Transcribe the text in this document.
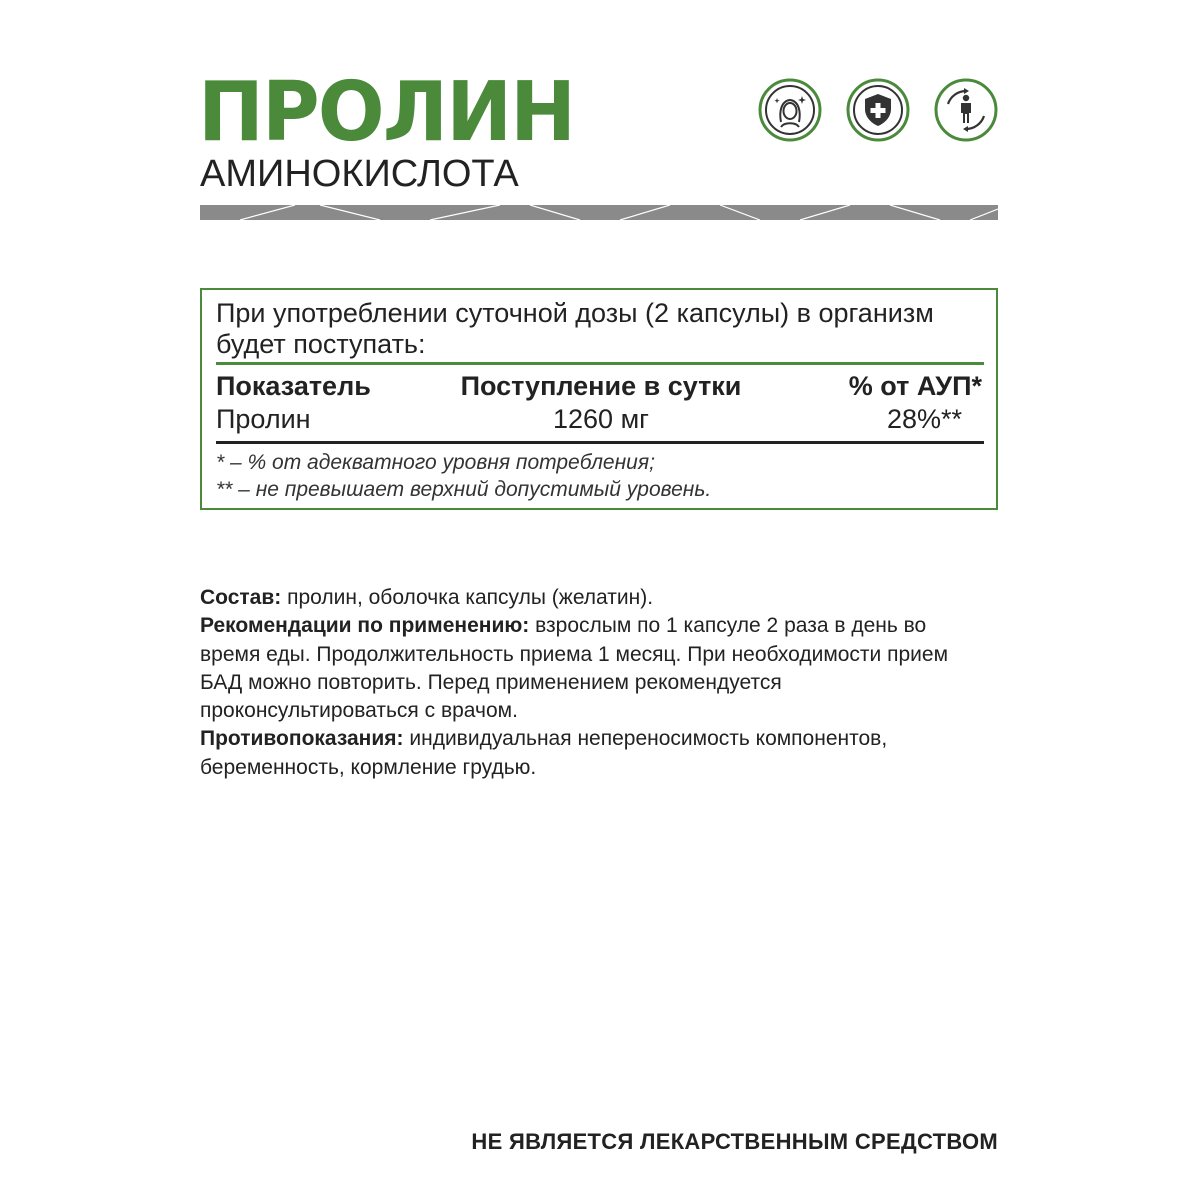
ПРОЛИН
АМИНОКИСЛОТА
При употреблении суточной дозы (2 капсулы) в организм будет поступать:
Показатель	Поступление в сутки	% от АУП*
Пролин	1260 мг	28%**
* – % от адекватного уровня потребления;
** – не превышает верхний допустимый уровень.

Состав: пролин, оболочка капсулы (желатин).

Рекомендации по применению: взрослым по 1 капсуле 2 раза в день во время еды. Продолжительность приема 1 месяц. При необходимости прием БАД можно повторить. Перед применением рекомендуется проконсультироваться с врачом.

Противопоказания: индивидуальная непереносимость компонентов, беременность, кормление грудью.

НЕ ЯВЛЯЕТСЯ ЛЕКАРСТВЕННЫМ СРЕДСТВОМ
